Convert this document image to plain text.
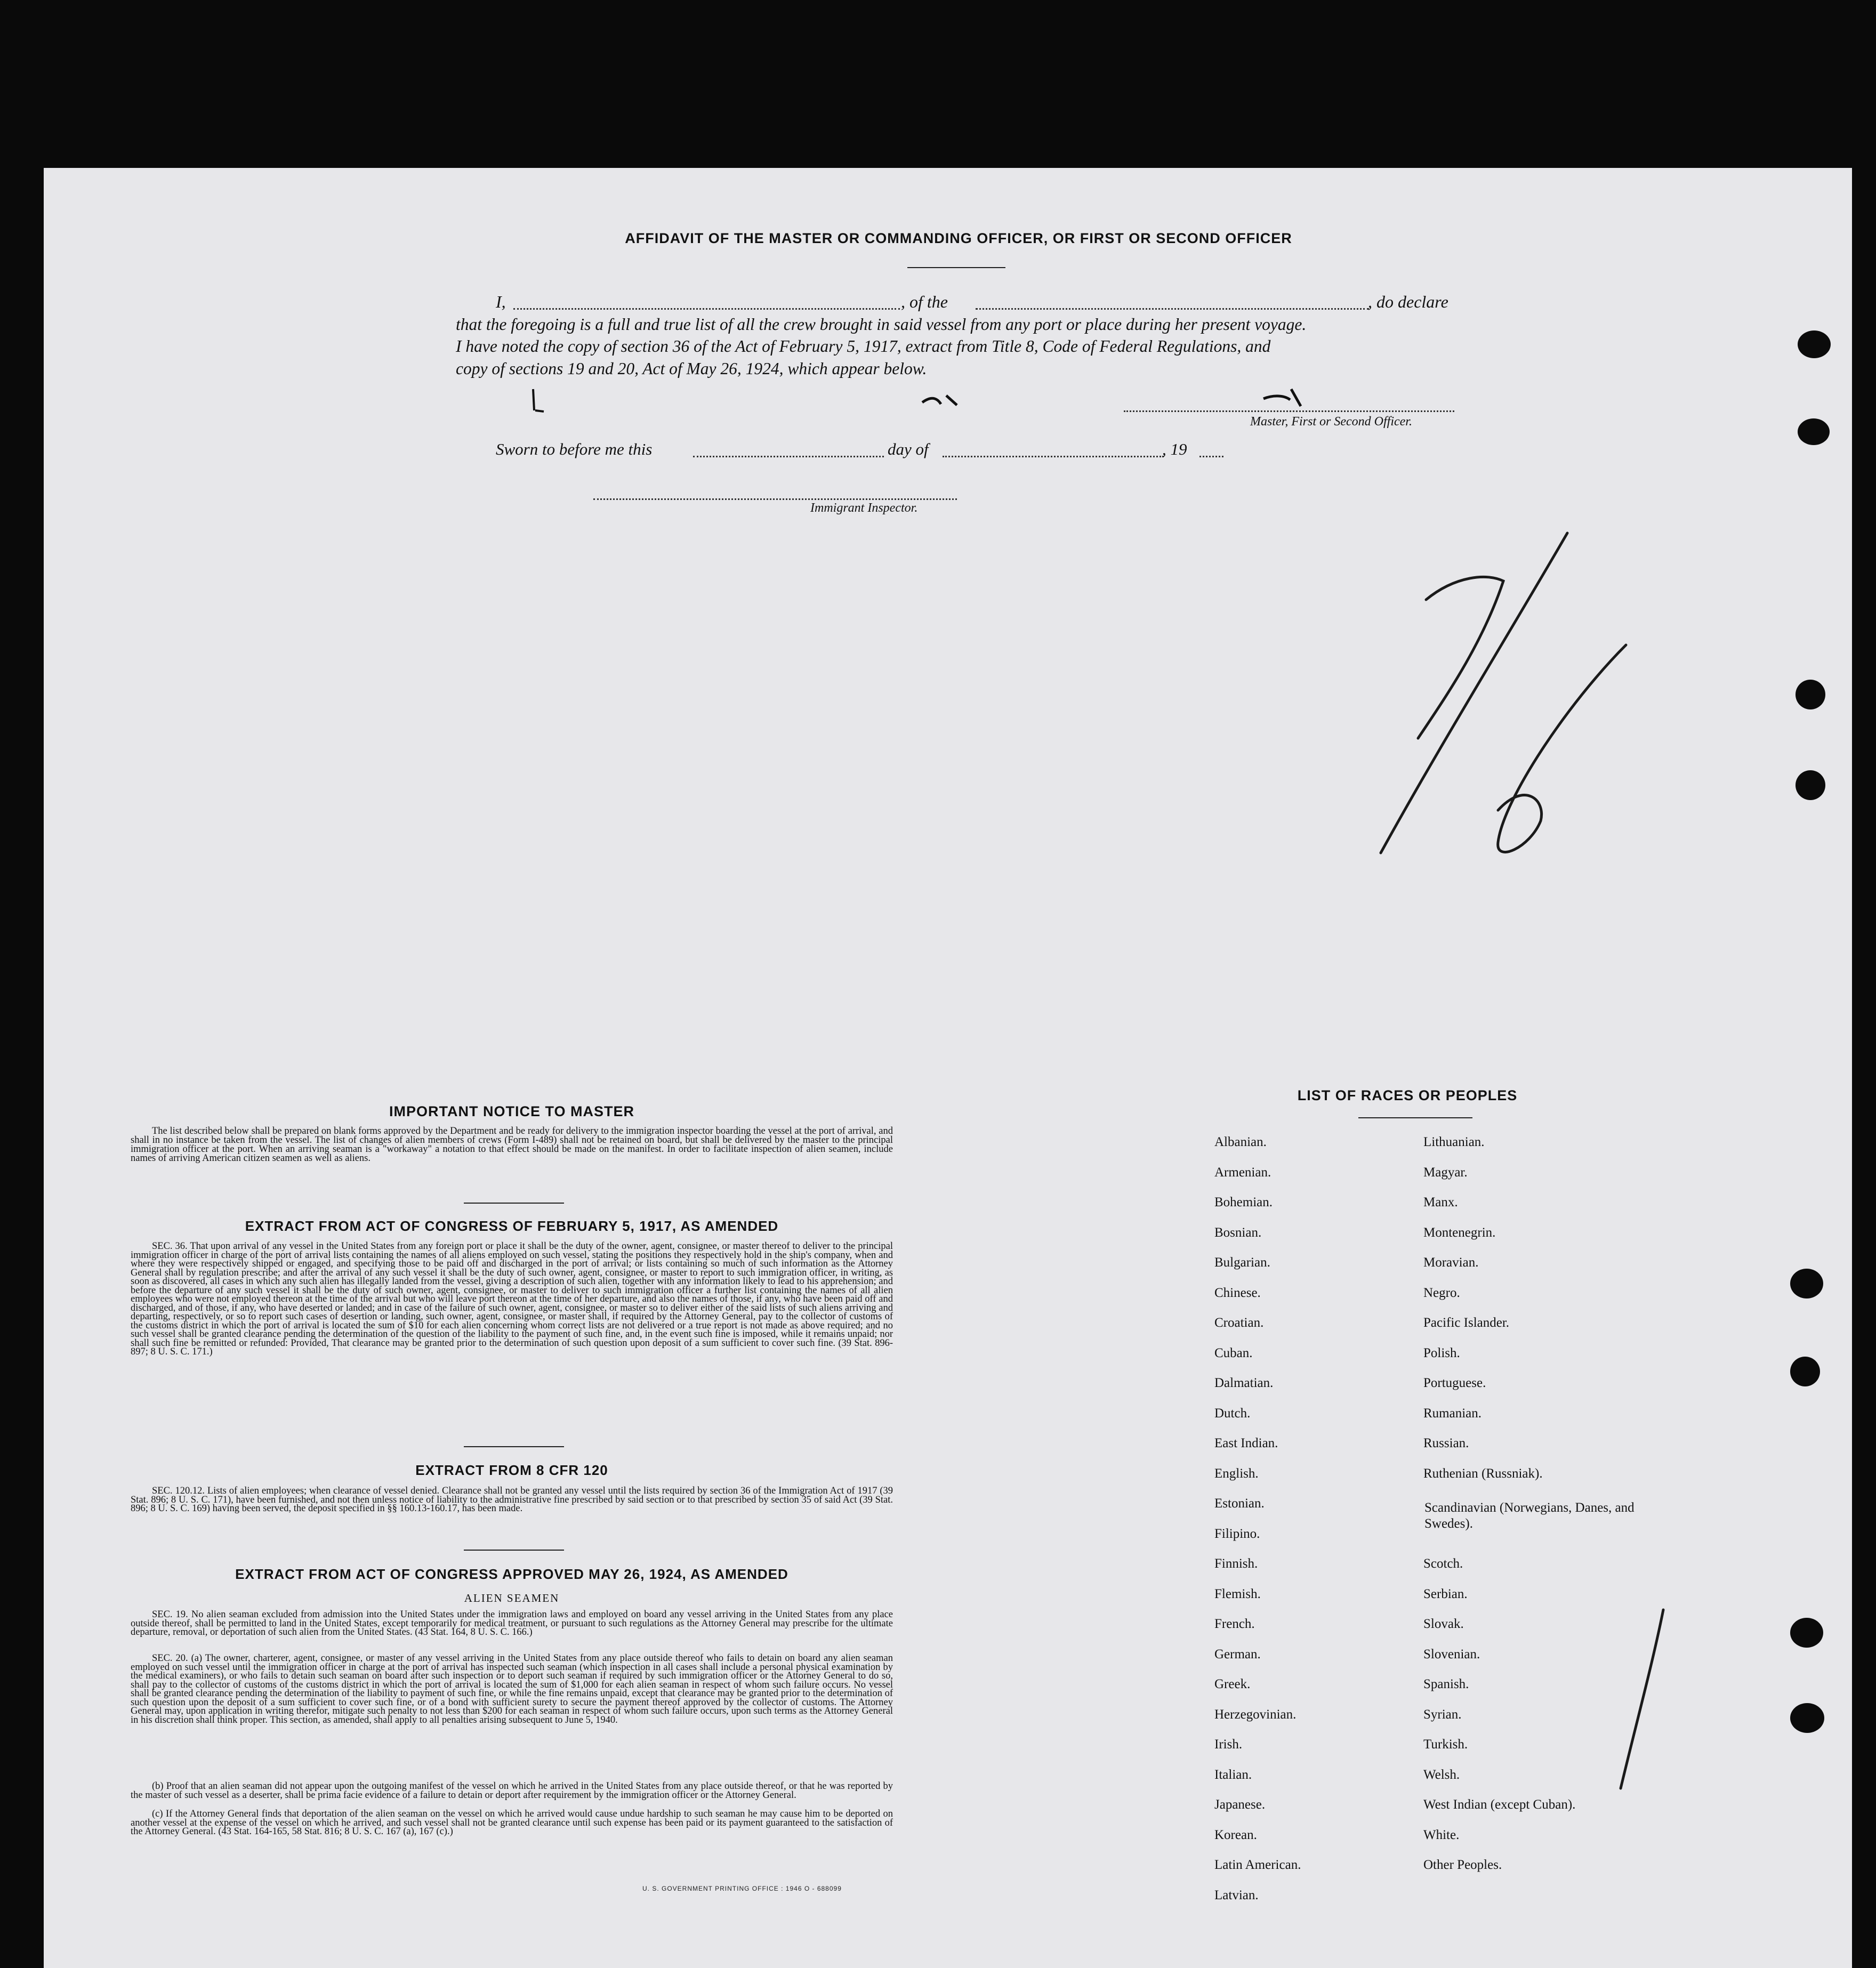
AFFIDAVIT OF THE MASTER OR COMMANDING OFFICER, OR FIRST OR SECOND OFFICER
I,	, of the	, do declare
that the foregoing is a full and true list of all the crew brought in said vessel from any port or place during her present voyage.
I have noted the copy of section 36 of the Act of February 5, 1917, extract from Title 8, Code of Federal Regulations, and
copy of sections 19 and 20, Act of May 26, 1924, which appear below.
Master, First or Second Officer.
Sworn to before me this	day of	, 19
Immigrant Inspector.
IMPORTANT NOTICE TO MASTER
The list described below shall be prepared on blank forms approved by the Department and be ready for delivery to the immigration inspector boarding the vessel at the port of arrival, and shall in no instance be taken from the vessel. The list of changes of alien members of crews (Form I-489) shall not be retained on board, but shall be delivered by the master to the principal immigration officer at the port. When an arriving seaman is a "workaway" a notation to that effect should be made on the manifest. In order to facilitate inspection of alien seamen, include names of arriving American citizen seamen as well as aliens.
EXTRACT FROM ACT OF CONGRESS OF FEBRUARY 5, 1917, AS AMENDED
SEC. 36. That upon arrival of any vessel in the United States from any foreign port or place it shall be the duty of the owner, agent, consignee, or master thereof to deliver to the principal immigration officer in charge of the port of arrival lists containing the names of all aliens employed on such vessel, stating the positions they respectively hold in the ship's company, when and where they were respectively shipped or engaged, and specifying those to be paid off and discharged in the port of arrival; or lists containing so much of such information as the Attorney General shall by regulation prescribe; and after the arrival of any such vessel it shall be the duty of such owner, agent, consignee, or master to report to such immigration officer, in writing, as soon as discovered, all cases in which any such alien has illegally landed from the vessel, giving a description of such alien, together with any information likely to lead to his apprehension; and before the departure of any such vessel it shall be the duty of such owner, agent, consignee, or master to deliver to such immigration officer a further list containing the names of all alien employees who were not employed thereon at the time of the arrival but who will leave port thereon at the time of her departure, and also the names of those, if any, who have been paid off and discharged, and of those, if any, who have deserted or landed; and in case of the failure of such owner, agent, consignee, or master so to deliver either of the said lists of such aliens arriving and departing, respectively, or so to report such cases of desertion or landing, such owner, agent, consignee, or master shall, if required by the Attorney General, pay to the collector of customs of the customs district in which the port of arrival is located the sum of $10 for each alien concerning whom correct lists are not delivered or a true report is not made as above required; and no such vessel shall be granted clearance pending the determination of the question of the liability to the payment of such fine, and, in the event such fine is imposed, while it remains unpaid; nor shall such fine be remitted or refunded: Provided, That clearance may be granted prior to the determination of such question upon deposit of a sum sufficient to cover such fine. (39 Stat. 896-897; 8 U. S. C. 171.)
EXTRACT FROM 8 CFR 120
SEC. 120.12. Lists of alien employees; when clearance of vessel denied. Clearance shall not be granted any vessel until the lists required by section 36 of the Immigration Act of 1917 (39 Stat. 896; 8 U. S. C. 171), have been furnished, and not then unless notice of liability to the administrative fine prescribed by said section or to that prescribed by section 35 of said Act (39 Stat. 896; 8 U. S. C. 169) having been served, the deposit specified in §§ 160.13-160.17, has been made.
EXTRACT FROM ACT OF CONGRESS APPROVED MAY 26, 1924, AS AMENDED
ALIEN SEAMEN
SEC. 19. No alien seaman excluded from admission into the United States under the immigration laws and employed on board any vessel arriving in the United States from any place outside thereof, shall be permitted to land in the United States, except temporarily for medical treatment, or pursuant to such regulations as the Attorney General may prescribe for the ultimate departure, removal, or deportation of such alien from the United States. (43 Stat. 164, 8 U. S. C. 166.)
SEC. 20. (a) The owner, charterer, agent, consignee, or master of any vessel arriving in the United States from any place outside thereof who fails to detain on board any alien seaman employed on such vessel until the immigration officer in charge at the port of arrival has inspected such seaman (which inspection in all cases shall include a personal physical examination by the medical examiners), or who fails to detain such seaman on board after such inspection or to deport such seaman if required by such immigration officer or the Attorney General to do so, shall pay to the collector of customs of the customs district in which the port of arrival is located the sum of $1,000 for each alien seaman in respect of whom such failure occurs. No vessel shall be granted clearance pending the determination of the liability to payment of such fine, or while the fine remains unpaid, except that clearance may be granted prior to the determination of such question upon the deposit of a sum sufficient to cover such fine, or of a bond with sufficient surety to secure the payment thereof approved by the collector of customs. The Attorney General may, upon application in writing therefor, mitigate such penalty to not less than $200 for each seaman in respect of whom such failure occurs, upon such terms as the Attorney General in his discretion shall think proper. This section, as amended, shall apply to all penalties arising subsequent to June 5, 1940.
(b) Proof that an alien seaman did not appear upon the outgoing manifest of the vessel on which he arrived in the United States from any place outside thereof, or that he was reported by the master of such vessel as a deserter, shall be prima facie evidence of a failure to detain or deport after requirement by the immigration officer or the Attorney General.
(c) If the Attorney General finds that deportation of the alien seaman on the vessel on which he arrived would cause undue hardship to such seaman he may cause him to be deported on another vessel at the expense of the vessel on which he arrived, and such vessel shall not be granted clearance until such expense has been paid or its payment guaranteed to the satisfaction of the Attorney General. (43 Stat. 164-165, 58 Stat. 816; 8 U. S. C. 167 (a), 167 (c).)
U. S. GOVERNMENT PRINTING OFFICE : 1946 O - 688099
LIST OF RACES OR PEOPLES
Albanian.
Armenian.
Bohemian.
Bosnian.
Bulgarian.
Chinese.
Croatian.
Cuban.
Dalmatian.
Dutch.
East Indian.
English.
Estonian.
Filipino.
Finnish.
Flemish.
French.
German.
Greek.
Herzegovinian.
Irish.
Italian.
Japanese.
Korean.
Latin American.
Latvian.
Lithuanian.
Magyar.
Manx.
Montenegrin.
Moravian.
Negro.
Pacific Islander.
Polish.
Portuguese.
Rumanian.
Russian.
Ruthenian (Russniak).
Scandinavian (Norwegians, Danes, and Swedes).
Scotch.
Serbian.
Slovak.
Slovenian.
Spanish.
Syrian.
Turkish.
Welsh.
West Indian (except Cuban).
White.
Other Peoples.
